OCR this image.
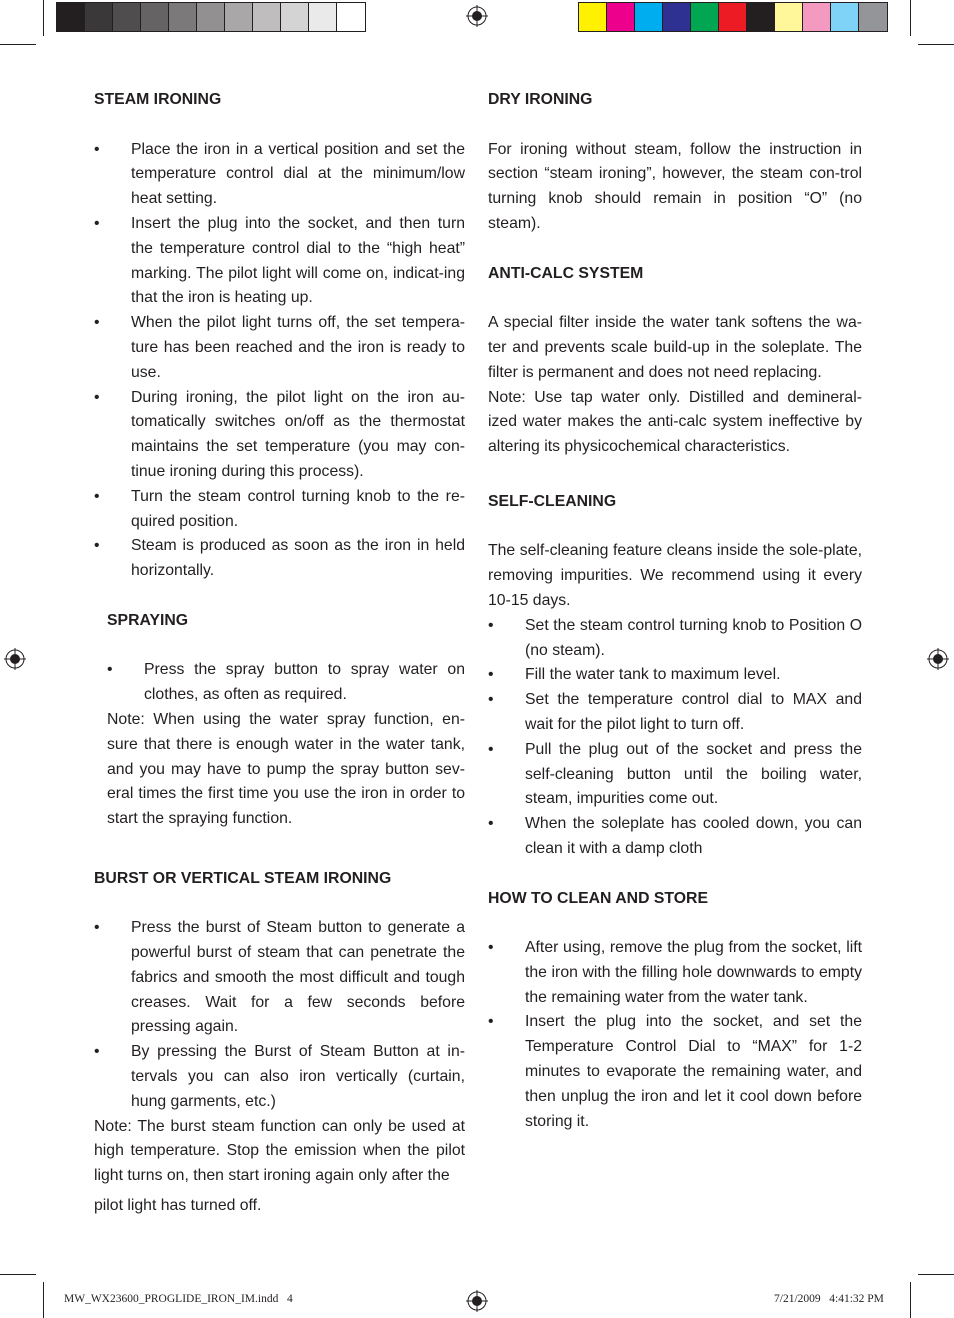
STEAM IRONING
• Place the iron in a vertical position and set the temperature control dial at the minimum/low heat setting.
• Insert the plug into the socket, and then turn the temperature control dial to the “high heat” marking. The pilot light will come on, indicat-ing that the iron is heating up.
• When the pilot light turns off, the set tempera-ture has been reached and the iron is ready to use.
• During ironing, the pilot light on the iron au-tomatically switches on/off as the thermostat maintains the set temperature (you may con-tinue ironing during this process).
• Turn the steam control turning knob to the re-quired position.
• Steam is produced as soon as the iron in held horizontally.
SPRAYING
• Press the spray button to spray water on clothes, as often as required.

Note: When using the water spray function, en-sure that there is enough water in the water tank, and you may have to pump the spray button sev-eral times the first time you use the iron in order to start the spraying function.

BURST OR VERTICAL STEAM IRONING
• Press the burst of Steam button to generate a powerful burst of steam that can penetrate the fabrics and smooth the most difficult and tough creases. Wait for a few seconds before pressing again.
• By pressing the Burst of Steam Button at in-tervals you can also iron vertically (curtain, hung garments, etc.)

Note: The burst steam function can only be used at high temperature. Stop the emission when the pilot light turns on, then start ironing again only after the

pilot light has turned off.

DRY IRONING

For ironing without steam, follow the instruction in section “steam ironing”, however, the steam con-trol turning knob should remain in position “O” (no steam).

ANTI-CALC SYSTEM

A special filter inside the water tank softens the wa-ter and prevents scale build-up in the soleplate. The filter is permanent and does not need replacing.

Note: Use tap water only. Distilled and demineral-ized water makes the anti-calc system ineffective by altering its physicochemical characteristics.

SELF-CLEANING

The self-cleaning feature cleans inside the sole-plate, removing impurities. We recommend using it every 10-15 days.

• Set the steam control turning knob to Position O (no steam).
• Fill the water tank to maximum level.
• Set the temperature control dial to MAX and wait for the pilot light to turn off.
• Pull the plug out of the socket and press the self-cleaning button until the boiling water, steam, impurities come out.
• When the soleplate has cooled down, you can clean it with a damp cloth
HOW TO CLEAN AND STORE
• After using, remove the plug from the socket, lift the iron with the filling hole downwards to empty the remaining water from the water tank.
• Insert the plug into the socket, and set the Temperature Control Dial to “MAX” for 1-2 minutes to evaporate the remaining water, and then unplug the iron and let it cool down before storing it.
MW_WX23600_PROGLIDE_IRON_IM.indd   4	7/21/2009   4:41:32 PM
